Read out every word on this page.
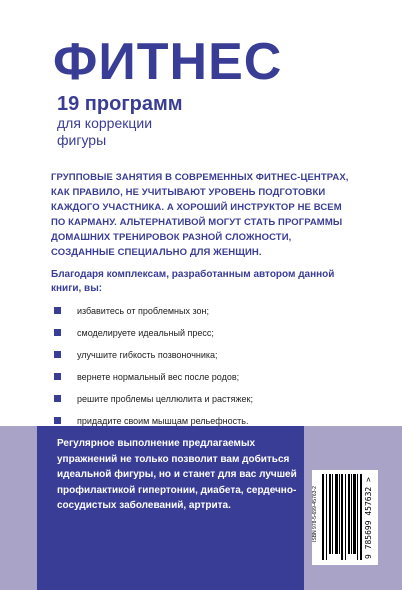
ФИТНЕС
19 программ
для коррекции
фигуры
ГРУППОВЫЕ ЗАНЯТИЯ В СОВРЕМЕННЫХ ФИТНЕС-ЦЕНТРАХ, КАК ПРАВИЛО, НЕ УЧИТЫВАЮТ УРОВЕНЬ ПОДГОТОВКИ КАЖДОГО УЧАСТНИКА. А ХОРОШИЙ ИНСТРУКТОР НЕ ВСЕМ ПО КАРМАНУ. АЛЬТЕРНАТИВОЙ МОГУТ СТАТЬ ПРОГРАММЫ ДОМАШНИХ ТРЕНИРОВОК РАЗНОЙ СЛОЖНОСТИ, СОЗДАННЫЕ СПЕЦИАЛЬНО ДЛЯ ЖЕНЩИН.
Благодаря комплексам, разработанным автором данной книги, вы:
избавитесь от проблемных зон;
смоделируете идеальный пресс;
улучшите гибкость позвоночника;
вернете нормальный вес после родов;
решите проблемы целлюлита и растяжек;
придадите своим мышцам рельефность.
Регулярное выполнение предлагаемых упражнений не только позволит вам добиться идеальной фигуры, но и станет для вас лучшей профилактикой гипертонии, диабета, сердечно-сосудистых заболеваний, артрита.	ISBN 978-5-699-45763-2	9 785699 457632 >
